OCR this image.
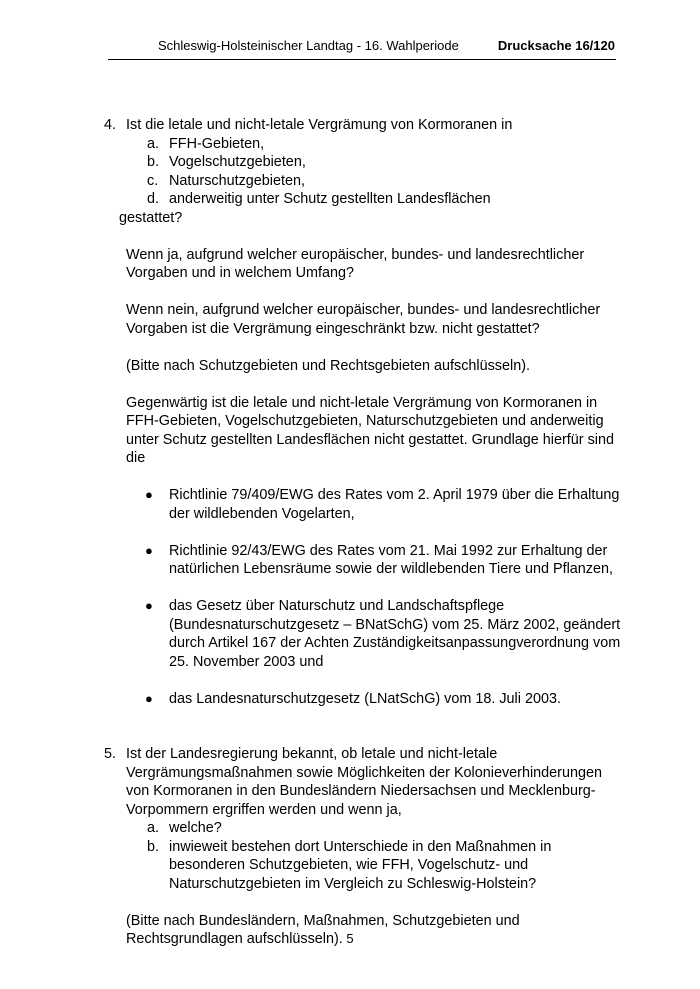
Schleswig-Holsteinischer Landtag - 16. Wahlperiode	Drucksache 16/120
4. Ist die letale und nicht-letale Vergrämung von Kormoranen in
a. FFH-Gebieten,
b. Vogelschutzgebieten,
c. Naturschutzgebieten,
d. anderweitig unter Schutz gestellten Landesflächen
gestattet?

Wenn ja, aufgrund welcher europäischer, bundes- und landesrechtlicher Vorgaben und in welchem Umfang?

Wenn nein, aufgrund welcher europäischer, bundes- und landesrechtlicher Vorgaben ist die Vergrämung eingeschränkt bzw. nicht gestattet?

(Bitte nach Schutzgebieten und Rechtsgebieten aufschlüsseln).

Gegenwärtig ist die letale und nicht-letale Vergrämung von Kormoranen in FFH-Gebieten, Vogelschutzgebieten, Naturschutzgebieten und anderweitig unter Schutz gestellten Landesflächen nicht gestattet. Grundlage hierfür sind die

● Richtlinie 79/409/EWG des Rates vom 2. April 1979 über die Erhaltung der wildlebenden Vogelarten,
● Richtlinie 92/43/EWG des Rates vom 21. Mai 1992 zur Erhaltung der natürlichen Lebensräume sowie der wildlebenden Tiere und Pflanzen,
● das Gesetz über Naturschutz und Landschaftspflege (Bundesnaturschutzgesetz – BNatSchG) vom 25. März 2002, geändert durch Artikel 167 der Achten Zuständigkeitsanpassungverordnung vom 25. November 2003 und
● das Landesnaturschutzgesetz (LNatSchG) vom 18. Juli 2003.
5. Ist der Landesregierung bekannt, ob letale und nicht-letale Vergrämungsmaßnahmen sowie Möglichkeiten der Kolonieverhinderungen von Kormoranen in den Bundesländern Niedersachsen und Mecklenburg-Vorpommern ergriffen werden und wenn ja,
a. welche?
b. inwieweit bestehen dort Unterschiede in den Maßnahmen in besonderen Schutzgebieten, wie FFH, Vogelschutz- und Naturschutzgebieten im Vergleich zu Schleswig-Holstein?

(Bitte nach Bundesländern, Maßnahmen, Schutzgebieten und Rechtsgrundlagen aufschlüsseln). 5
